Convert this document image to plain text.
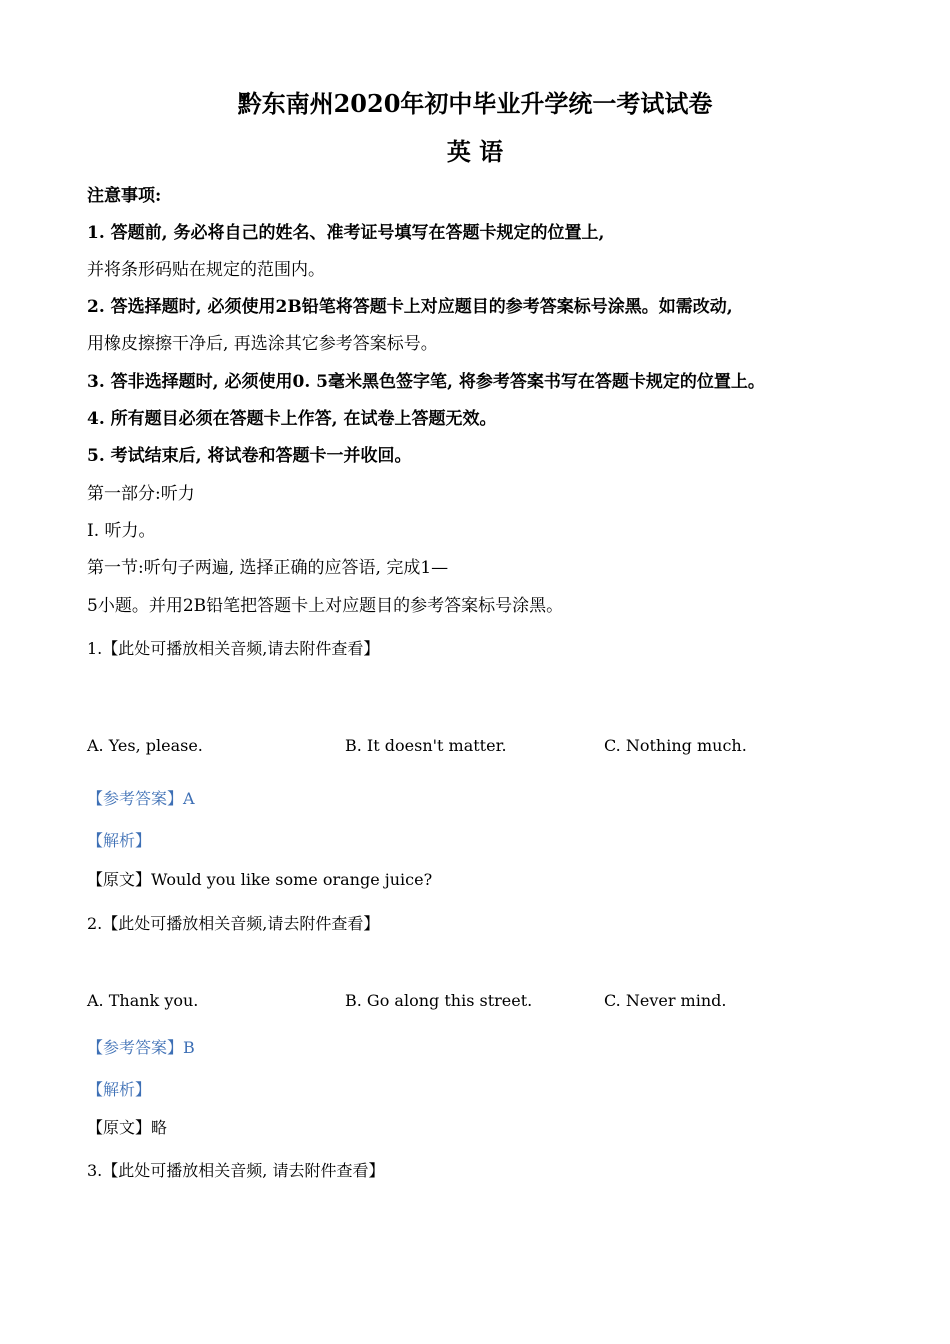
黔东南州2020年初中毕业升学统一考试试卷
英 语
注意事项:
1. 答题前, 务必将自己的姓名、准考证号填写在答题卡规定的位置上,
并将条形码贴在规定的范围内。
2. 答选择题时, 必须使用2B铅笔将答题卡上对应题目的参考答案标号涂黑。如需改动,
用橡皮擦擦干净后, 再选涂其它参考答案标号。
3. 答非选择题时, 必须使用0. 5毫米黑色签字笔, 将参考答案书写在答题卡规定的位置上。
4. 所有题目必须在答题卡上作答, 在试卷上答题无效。
5. 考试结束后, 将试卷和答题卡一并收回。
第一部分:听力
I. 听力。
第一节:听句子两遍, 选择正确的应答语, 完成1—
5小题。并用2B铅笔把答题卡上对应题目的参考答案标号涂黑。
1.【此处可播放相关音频,请去附件查看】
A. Yes, please.	B. It doesn't matter.	C. Nothing much.
【参考答案】A
【解析】
【原文】Would you like some orange juice?
2.【此处可播放相关音频,请去附件查看】
A. Thank you.	B. Go along this street.	C. Never mind.
【参考答案】B
【解析】
【原文】略
3.【此处可播放相关音频, 请去附件查看】
